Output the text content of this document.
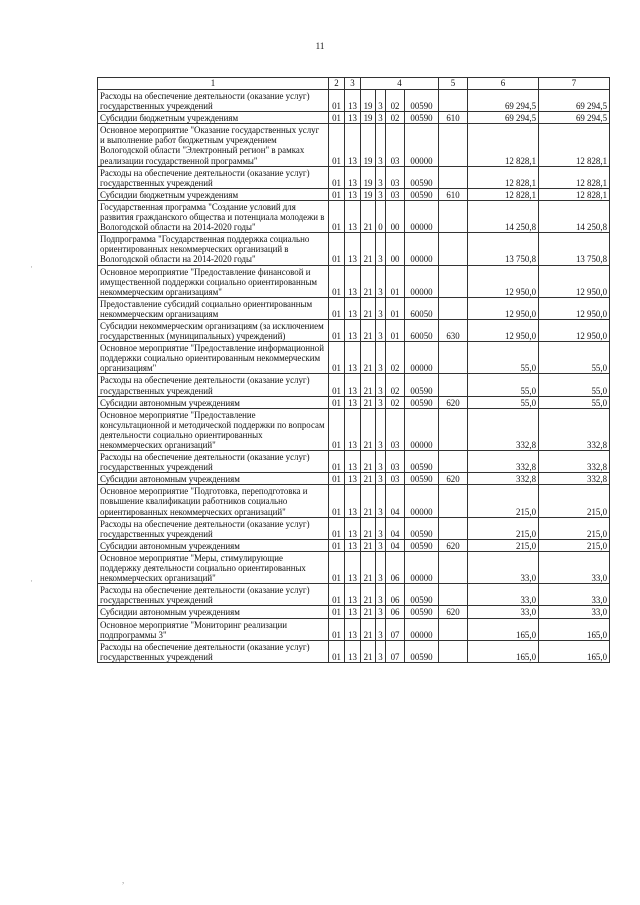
11
·
·
,
1	2	3	4				5	6	7
Расходы на обеспечение деятельности (оказание услуг) государственных учреждений	01	13	19	3	02	00590		69 294,5	69 294,5
Субсидии бюджетным учреждениям	01	13	19	3	02	00590	610	69 294,5	69 294,5
Основное мероприятие "Оказание государственных услуг и выполнение работ бюджетным учреждением Вологодской области "Электронный регион" в рамках реализации государственной программы"	01	13	19	3	03	00000		12 828,1	12 828,1
Расходы на обеспечение деятельности (оказание услуг) государственных учреждений	01	13	19	3	03	00590		12 828,1	12 828,1
Субсидии бюджетным учреждениям	01	13	19	3	03	00590	610	12 828,1	12 828,1
Государственная программа "Создание условий для развития гражданского общества и потенциала молодежи в Вологодской области на 2014-2020 годы"	01	13	21	0	00	00000		14 250,8	14 250,8
Подпрограмма "Государственная поддержка социально ориентированных некоммерческих организаций в Вологодской области на 2014-2020 годы"	01	13	21	3	00	00000		13 750,8	13 750,8
Основное мероприятие "Предоставление финансовой и имущественной поддержки социально ориентированным некоммерческим организациям"	01	13	21	3	01	00000		12 950,0	12 950,0
Предоставление субсидий социально ориентированным некоммерческим организациям	01	13	21	3	01	60050		12 950,0	12 950,0
Субсидии некоммерческим организациям (за исключением государственных (муниципальных) учреждений)	01	13	21	3	01	60050	630	12 950,0	12 950,0
Основное мероприятие "Предоставление информационной поддержки социально ориентированным некоммерческим организациям"	01	13	21	3	02	00000		55,0	55,0
Расходы на обеспечение деятельности (оказание услуг) государственных учреждений	01	13	21	3	02	00590		55,0	55,0
Субсидии автономным учреждениям	01	13	21	3	02	00590	620	55,0	55,0
Основное мероприятие "Предоставление консультационной и методической поддержки по вопросам деятельности социально ориентированных некоммерческих организаций"	01	13	21	3	03	00000		332,8	332,8
Расходы на обеспечение деятельности (оказание услуг) государственных учреждений	01	13	21	3	03	00590		332,8	332,8
Субсидии автономным учреждениям	01	13	21	3	03	00590	620	332,8	332,8
Основное мероприятие "Подготовка, переподготовка и повышение квалификации работников социально ориентированных некоммерческих организаций"	01	13	21	3	04	00000		215,0	215,0
Расходы на обеспечение деятельности (оказание услуг) государственных учреждений	01	13	21	3	04	00590		215,0	215,0
Субсидии автономным учреждениям	01	13	21	3	04	00590	620	215,0	215,0
Основное мероприятие "Меры, стимулирующие поддержку деятельности социально ориентированных некоммерческих организаций"	01	13	21	3	06	00000		33,0	33,0
Расходы на обеспечение деятельности (оказание услуг) государственных учреждений	01	13	21	3	06	00590		33,0	33,0
Субсидии автономным учреждениям	01	13	21	3	06	00590	620	33,0	33,0
Основное мероприятие "Мониторинг реализации подпрограммы 3"	01	13	21	3	07	00000		165,0	165,0
Расходы на обеспечение деятельности (оказание услуг) государственных учреждений	01	13	21	3	07	00590		165,0	165,0
